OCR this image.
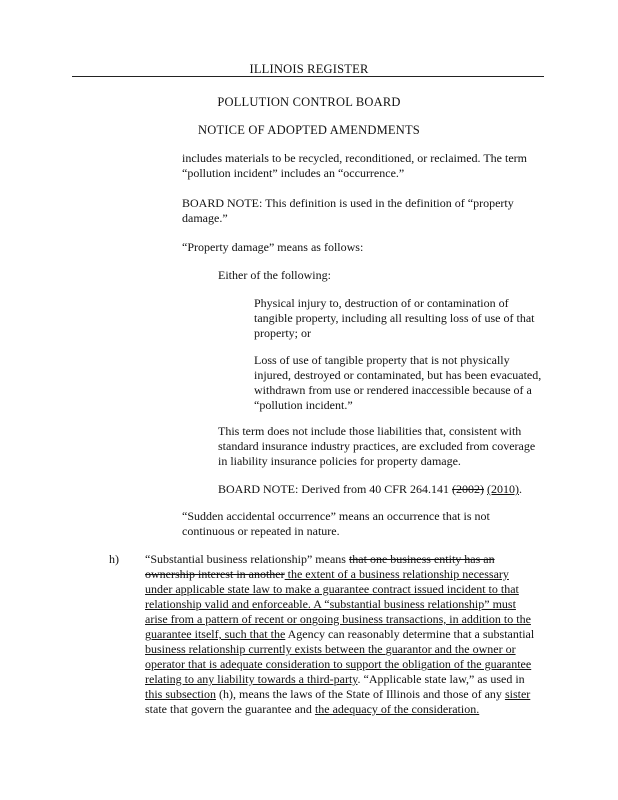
ILLINOIS REGISTER
POLLUTION CONTROL BOARD
NOTICE OF ADOPTED AMENDMENTS
includes materials to be recycled, reconditioned, or reclaimed. The term
“pollution incident” includes an “occurrence.”
BOARD NOTE: This definition is used in the definition of “property
damage.”
“Property damage” means as follows:
Either of the following:
Physical injury to, destruction of or contamination of
tangible property, including all resulting loss of use of that
property; or
Loss of use of tangible property that is not physically
injured, destroyed or contaminated, but has been evacuated,
withdrawn from use or rendered inaccessible because of a
“pollution incident.”
This term does not include those liabilities that, consistent with
standard insurance industry practices, are excluded from coverage
in liability insurance policies for property damage.
BOARD NOTE: Derived from 40 CFR 264.141 (2002) (2010).
“Sudden accidental occurrence” means an occurrence that is not
continuous or repeated in nature.
h) “Substantial business relationship” means that one business entity has an
ownership interest in another the extent of a business relationship necessary
under applicable state law to make a guarantee contract issued incident to that
relationship valid and enforceable. A “substantial business relationship” must
arise from a pattern of recent or ongoing business transactions, in addition to the
guarantee itself, such that the Agency can reasonably determine that a substantial
business relationship currently exists between the guarantor and the owner or
operator that is adequate consideration to support the obligation of the guarantee
relating to any liability towards a third-party. “Applicable state law,” as used in
this subsection (h), means the laws of the State of Illinois and those of any sister
state that govern the guarantee and the adequacy of the consideration.
